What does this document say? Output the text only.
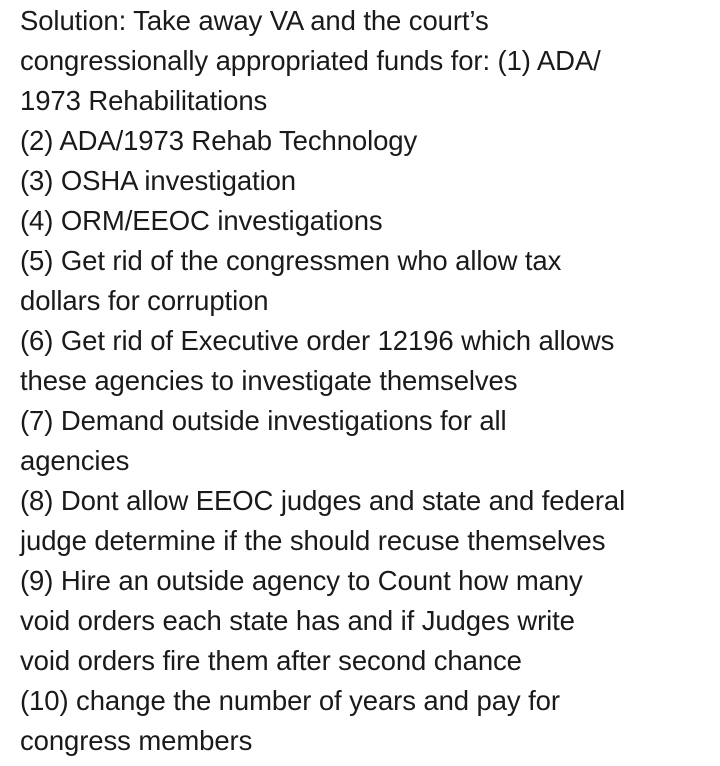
Solution: Take away VA and the court’s
congressionally appropriated funds for: (1) ADA/
1973 Rehabilitations
(2) ADA/1973 Rehab Technology
(3) OSHA investigation
(4) ORM/EEOC investigations
(5) Get rid of the congressmen who allow tax
dollars for corruption
(6) Get rid of Executive order 12196 which allows
these agencies to investigate themselves
(7) Demand outside investigations for all
agencies
(8) Dont allow EEOC judges and state and federal
judge determine if the should recuse themselves
(9) Hire an outside agency to Count how many
void orders each state has and if Judges write
void orders fire them after second chance
(10) change the number of years and pay for
congress members
